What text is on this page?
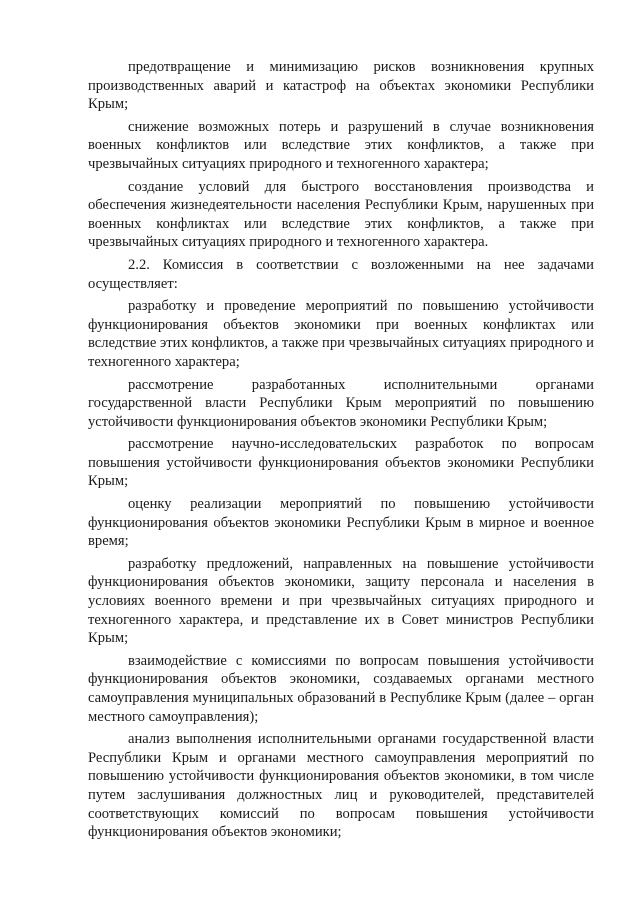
предотвращение и минимизацию рисков возникновения крупных производственных аварий и катастроф на объектах экономики Республики Крым;

снижение возможных потерь и разрушений в случае возникновения военных конфликтов или вследствие этих конфликтов, а также при чрезвычайных ситуациях природного и техногенного характера;

создание условий для быстрого восстановления производства и обеспечения жизнедеятельности населения Республики Крым, нарушенных при военных конфликтах или вследствие этих конфликтов, а также при чрезвычайных ситуациях природного и техногенного характера.

2.2. Комиссия в соответствии с возложенными на нее задачами осуществляет:

разработку и проведение мероприятий по повышению устойчивости функционирования объектов экономики при военных конфликтах или вследствие этих конфликтов, а также при чрезвычайных ситуациях природного и техногенного характера;

рассмотрение разработанных исполнительными органами государственной власти Республики Крым мероприятий по повышению устойчивости функционирования объектов экономики Республики Крым;

рассмотрение научно-исследовательских разработок по вопросам повышения устойчивости функционирования объектов экономики Республики Крым;

оценку реализации мероприятий по повышению устойчивости функционирования объектов экономики Республики Крым в мирное и военное время;

разработку предложений, направленных на повышение устойчивости функционирования объектов экономики, защиту персонала и населения в условиях военного времени и при чрезвычайных ситуациях природного и техногенного характера, и представление их в Совет министров Республики Крым;

взаимодействие с комиссиями по вопросам повышения устойчивости функционирования объектов экономики, создаваемых органами местного самоуправления муниципальных образований в Республике Крым (далее – орган местного самоуправления);

анализ выполнения исполнительными органами государственной власти Республики Крым и органами местного самоуправления мероприятий по повышению устойчивости функционирования объектов экономики, в том числе путем заслушивания должностных лиц и руководителей, представителей соответствующих комиссий по вопросам повышения устойчивости функционирования объектов экономики;
